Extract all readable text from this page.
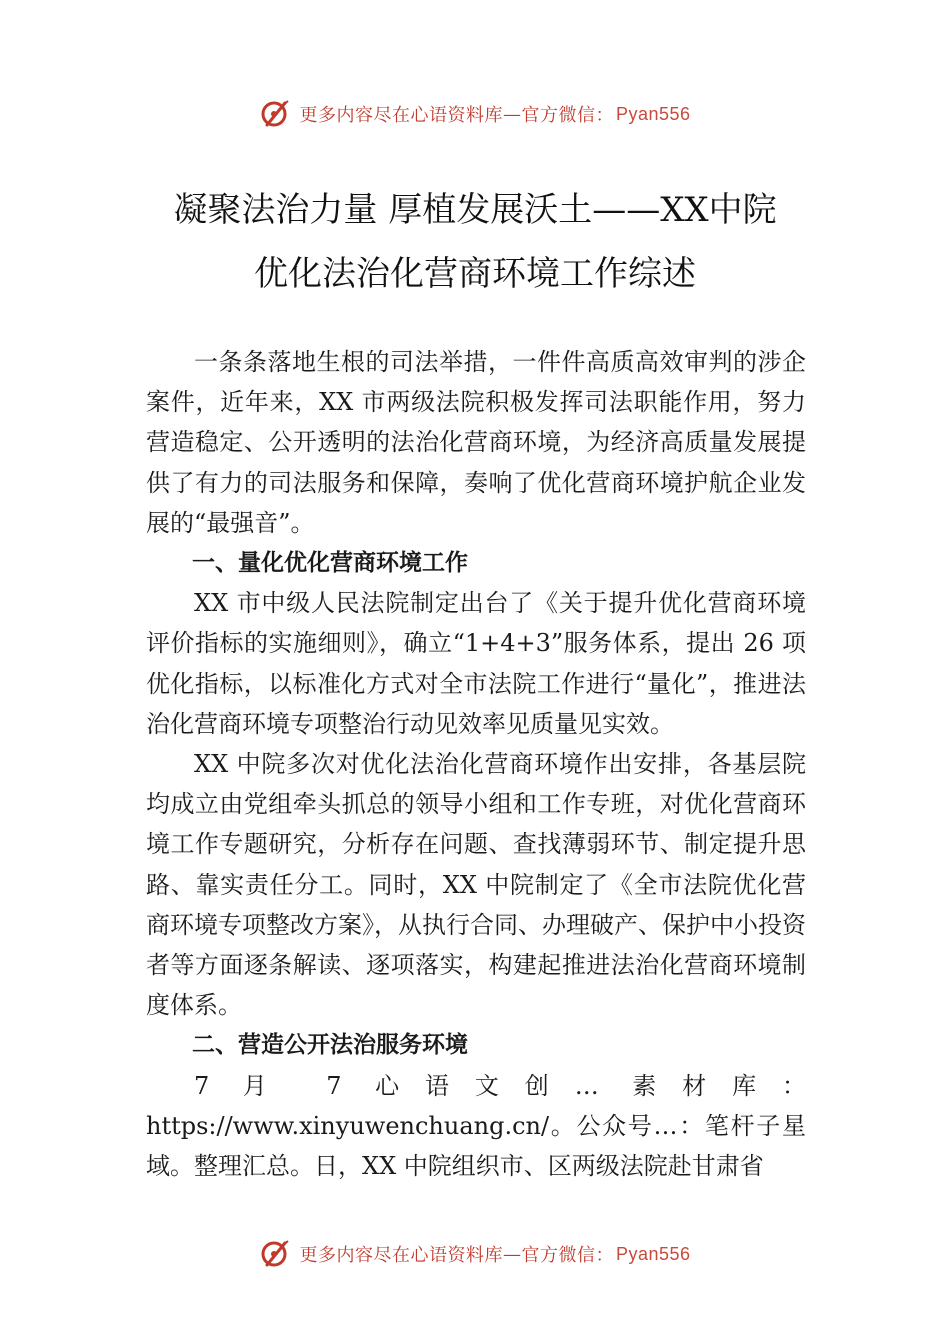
更多内容尽在心语资料库 — 官方微信： Pyan556
凝聚法治力量 厚植发展沃土——XX中院
优化法治化营商环境工作综述

一条条落地生根的司法举措，一件件高质高效审判的涉企案件，近年来，XX 市两级法院积极发挥司法职能作用，努力营造稳定、公开透明的法治化营商环境，为经济高质量发展提供了有力的司法服务和保障，奏响了优化营商环境护航企业发展的“最强音”。

一、量化优化营商环境工作

XX 市中级人民法院制定出台了《关于提升优化营商环境评价指标的实施细则》，确立“1+4+3”服务体系，提出 26 项优化指标，以标准化方式对全市法院工作进行“量化”，推进法治化营商环境专项整治行动见效率见质量见实效。

XX 中院多次对优化法治化营商环境作出安排，各基层院均成立由党组牵头抓总的领导小组和工作专班，对优化营商环境工作专题研究，分析存在问题、查找薄弱环节、制定提升思路、靠实责任分工。同时，XX 中院制定了《全市法院优化营商环境专项整改方案》，从执行合同、办理破产、保护中小投资者等方面逐条解读、逐项落实，构建起推进法治化营商环境制度体系。

二、营造公开法治服务环境

7 月 7 心语文创… 素材库：https://www.xinyuwenchuang.cn/。公众号…：笔杆子星域。整理汇总。日，XX 中院组织市、区两级法院赴甘肃省

更多内容尽在心语资料库 — 官方微信： Pyan556
